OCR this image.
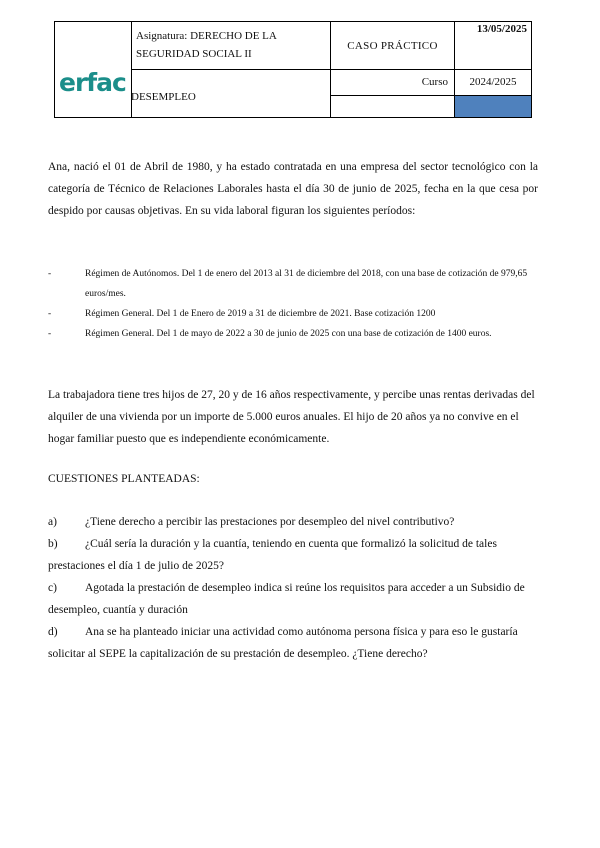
erfac
Asignatura: DERECHO DE LA
SEGURIDAD SOCIAL II
CASO PRÁCTICO
13/05/2025
Curso	2024/2025
DESEMPLEO
Ana, nació el 01 de Abril de 1980, y ha estado contratada en una empresa del sector tecnológico con la categoría de Técnico de Relaciones Laborales hasta el día 30 de junio de 2025, fecha en la que cesa por despido por causas objetivas. En su vida laboral figuran los siguientes períodos:
-	Régimen de Autónomos. Del 1 de enero del 2013 al 31 de diciembre del 2018, con una base de cotización de 979,65 euros/mes.
-	Régimen General. Del 1 de Enero de 2019 a 31 de diciembre de 2021. Base cotización 1200
-	Régimen General. Del 1 de mayo de 2022 a 30 de junio de 2025 con una base de cotización de 1400 euros.
La trabajadora tiene tres hijos de 27, 20 y de 16 años respectivamente, y percibe unas rentas derivadas del alquiler de una vivienda por un importe de 5.000 euros anuales. El hijo de 20 años ya no convive en el hogar familiar puesto que es independiente económicamente.
CUESTIONES PLANTEADAS:
a) ¿Tiene derecho a percibir las prestaciones por desempleo del nivel contributivo?
b) ¿Cuál sería la duración y la cuantía, teniendo en cuenta que formalizó la solicitud de tales prestaciones el día 1 de julio de 2025?
c) Agotada la prestación de desempleo indica si reúne los requisitos para acceder a un Subsidio de desempleo, cuantía y duración
d) Ana se ha planteado iniciar una actividad como autónoma persona física y para eso le gustaría solicitar al SEPE la capitalización de su prestación de desempleo. ¿Tiene derecho?
